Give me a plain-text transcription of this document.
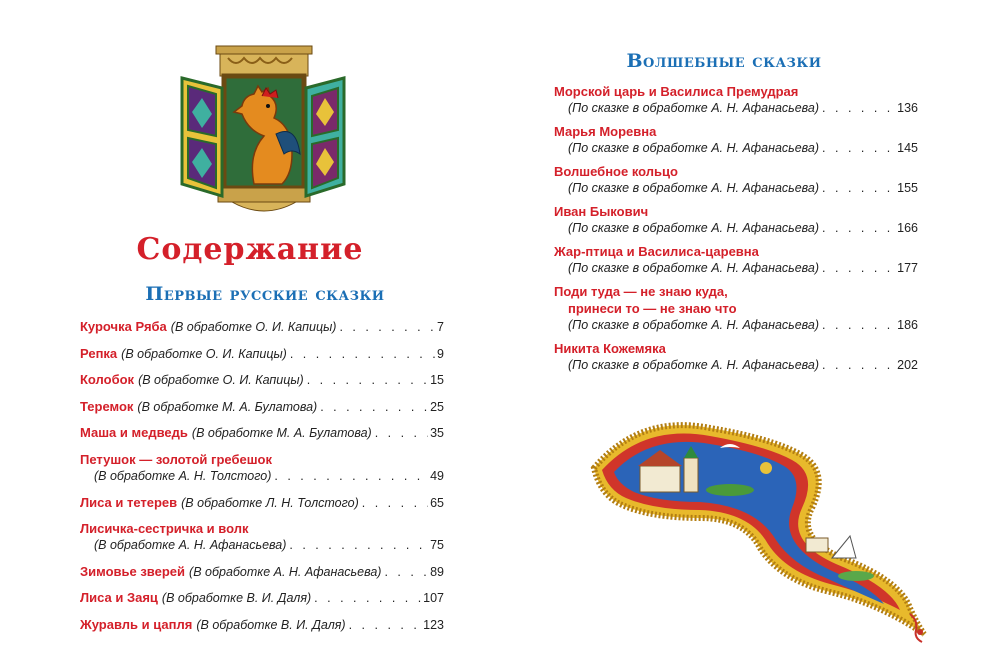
Содержание
Первые русские сказки
Курочка Ряба (В обработке О. И. Капицы) . . .	7
Репка (В обработке О. И. Капицы) . . .	9
Колобок (В обработке О. И. Капицы) . . .	15
Теремок (В обработке М. А. Булатова) . . .	25
Маша и медведь (В обработке М. А. Булатова) . . .	35
Петушок — золотой гребешок
(В обработке А. Н. Толстого) . . .	49
Лиса и тетерев (В обработке Л. Н. Толстого) . . .	65
Лисичка-сестричка и волк
(В обработке А. Н. Афанасьева) . . .	75
Зимовье зверей (В обработке А. Н. Афанасьева) . . .	89
Лиса и Заяц (В обработке В. И. Даля) . . .	107
Журавль и цапля (В обработке В. И. Даля) . . .	123
Волшебные сказки
Морской царь и Василиса Премудрая
(По сказке в обработке А. Н. Афанасьева) . . .	136
Марья Моревна
(По сказке в обработке А. Н. Афанасьева) . . .	145
Волшебное кольцо
(По сказке в обработке А. Н. Афанасьева) . . .	155
Иван Быкович
(По сказке в обработке А. Н. Афанасьева) . . .	166
Жар-птица и Василиса-царевна
(По сказке в обработке А. Н. Афанасьева) . . .	177
Поди туда — не знаю куда,
принеси то — не знаю что
(По сказке в обработке А. Н. Афанасьева) . . .	186
Никита Кожемяка
(По сказке в обработке А. Н. Афанасьева) . . .	202
